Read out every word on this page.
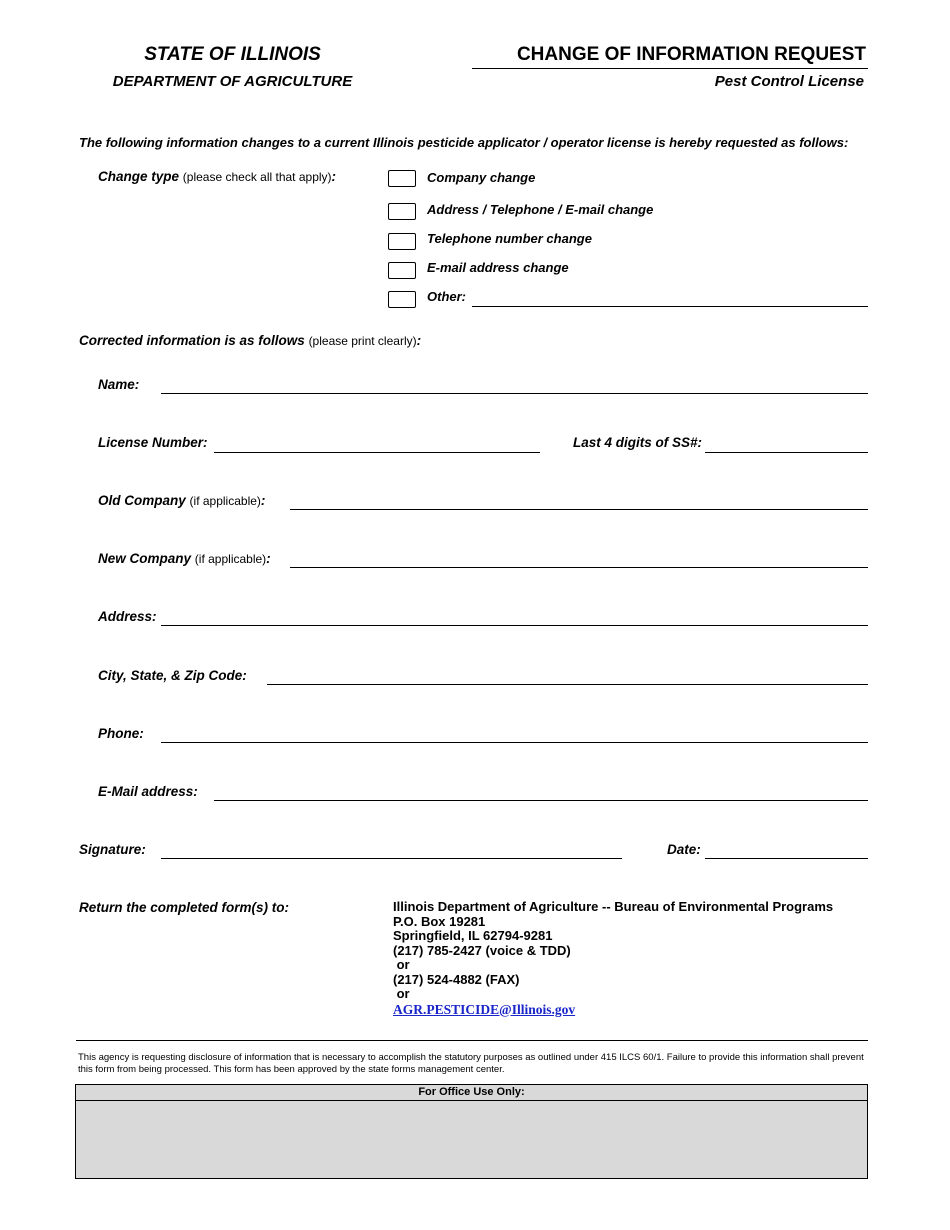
STATE OF ILLINOIS
DEPARTMENT OF AGRICULTURE
CHANGE OF INFORMATION REQUEST
Pest Control License
The following information changes to a current Illinois pesticide applicator / operator license is hereby requested as follows:
Change type (please check all that apply):	Company change
Address / Telephone / E-mail change
Telephone number change
E-mail address change
Other:
Corrected information is as follows (please print clearly):
Name:
License Number:	Last 4 digits of SS#:
Old Company (if applicable):
New Company (if applicable):
Address:
City, State, & Zip Code:
Phone:
E-Mail address:
Signature:	Date:
Return the completed form(s) to:	Illinois Department of Agriculture -- Bureau of Environmental Programs
P.O. Box 19281
Springfield, IL 62794-9281
(217) 785-2427 (voice & TDD)
or
(217) 524-4882 (FAX)
or
AGR.PESTICIDE@Illinois.gov
This agency is requesting disclosure of information that is necessary to accomplish the statutory purposes as outlined under 415 ILCS 60/1. Failure to provide this information shall prevent this form from being processed. This form has been approved by the state forms management center.
For Office Use Only:
